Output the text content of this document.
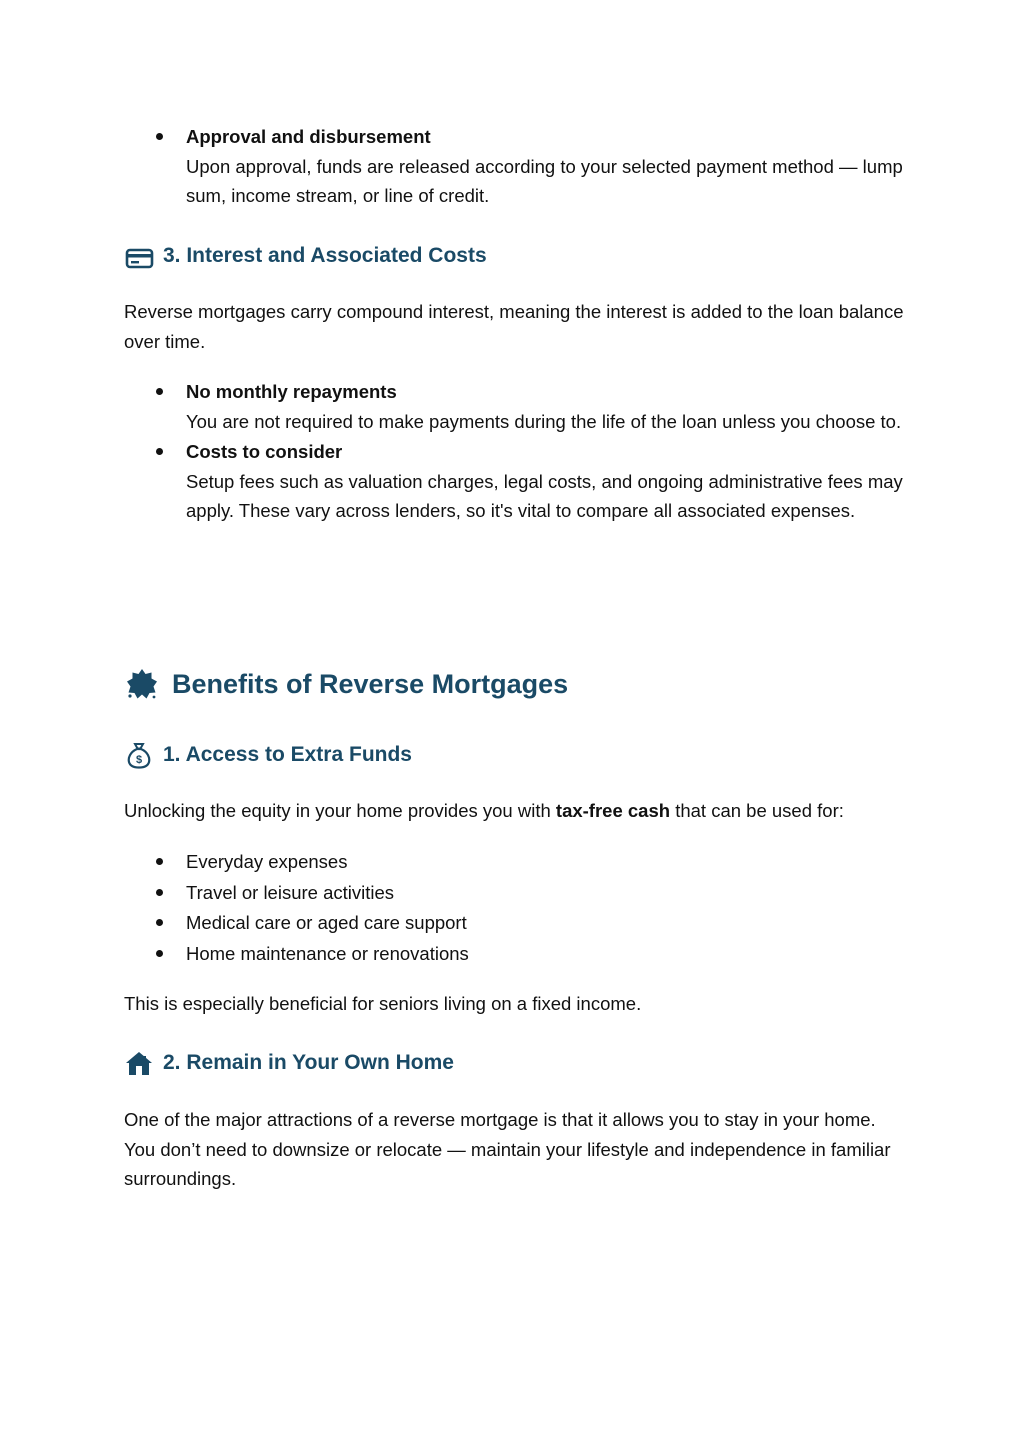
Approval and disbursement
Upon approval, funds are released according to your selected payment method — lump sum, income stream, or line of credit.
3. Interest and Associated Costs

Reverse mortgages carry compound interest, meaning the interest is added to the loan balance over time.

No monthly repayments
You are not required to make payments during the life of the loan unless you choose to.
Costs to consider
Setup fees such as valuation charges, legal costs, and ongoing administrative fees may apply. These vary across lenders, so it's vital to compare all associated expenses.
Benefits of Reverse Mortgages
$ 1. Access to Extra Funds

Unlocking the equity in your home provides you with tax-free cash that can be used for:

Everyday expenses
Travel or leisure activities
Medical care or aged care support
Home maintenance or renovations

This is especially beneficial for seniors living on a fixed income.

2. Remain in Your Own Home

One of the major attractions of a reverse mortgage is that it allows you to stay in your home. You don’t need to downsize or relocate — maintain your lifestyle and independence in familiar surroundings.
